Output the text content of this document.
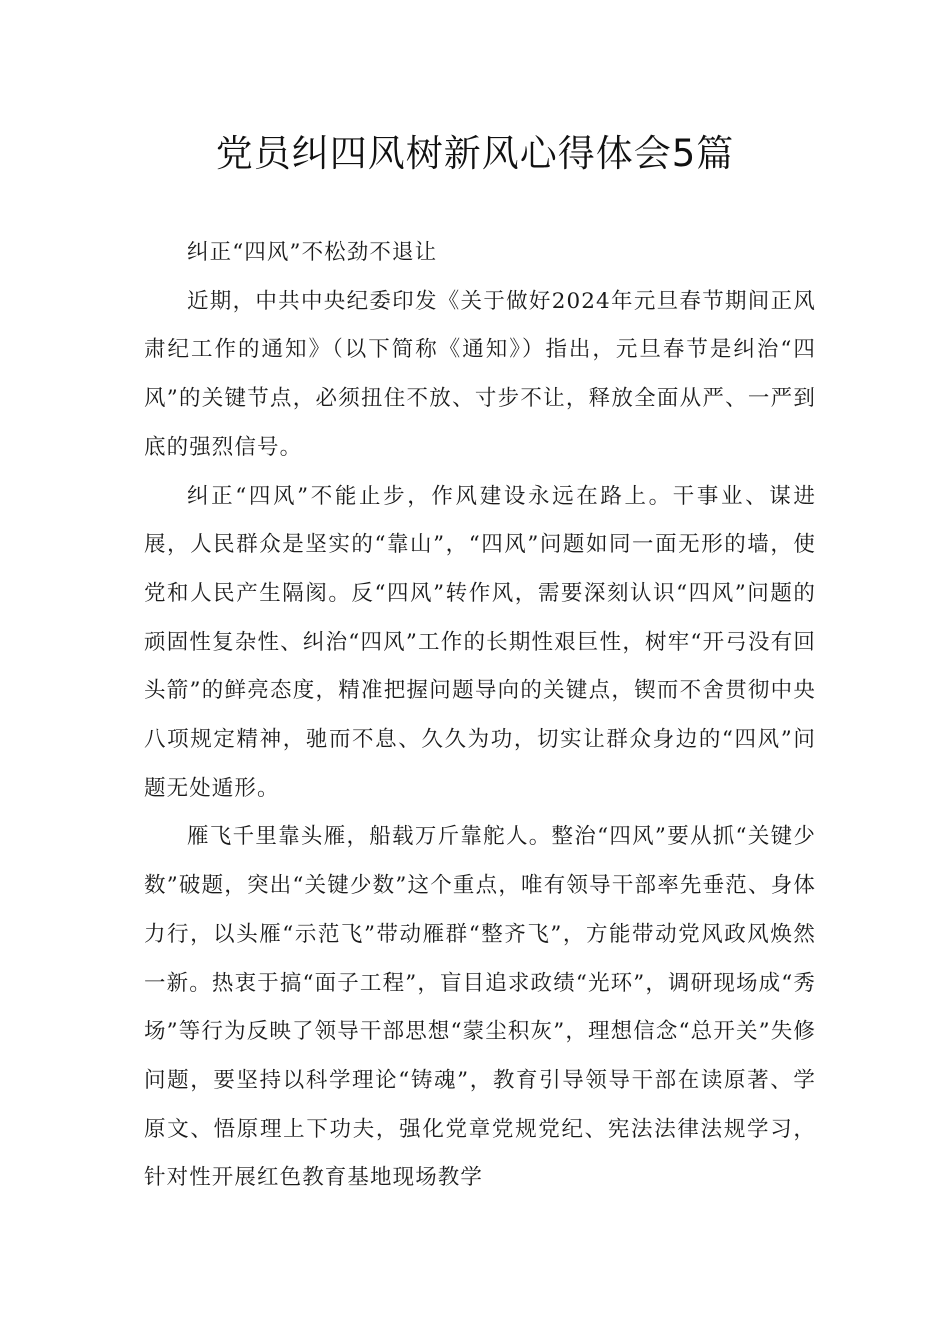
党员纠四风树新风心得体会5篇

纠正“四风”不松劲不退让

近期，中共中央纪委印发《关于做好2024年元旦春节期间正风肃纪工作的通知》（以下简称《通知》）指出，元旦春节是纠治“四风”的关键节点，必须扭住不放、寸步不让，释放全面从严、一严到底的强烈信号。

纠正“四风”不能止步，作风建设永远在路上。干事业、谋进展，人民群众是坚实的“靠山”，“四风”问题如同一面无形的墙，使党和人民产生隔阂。反“四风”转作风，需要深刻认识“四风”问题的顽固性复杂性、纠治“四风”工作的长期性艰巨性，树牢“开弓没有回头箭”的鲜亮态度，精准把握问题导向的关键点，锲而不舍贯彻中央八项规定精神，驰而不息、久久为功，切实让群众身边的“四风”问题无处遁形。

雁飞千里靠头雁，船载万斤靠舵人。整治“四风”要从抓“关键少数”破题，突出“关键少数”这个重点，唯有领导干部率先垂范、身体力行，以头雁“示范飞”带动雁群“整齐飞”，方能带动党风政风焕然一新。热衷于搞“面子工程”，盲目追求政绩“光环”，调研现场成“秀场”等行为反映了领导干部思想“蒙尘积灰”，理想信念“总开关”失修问题，要坚持以科学理论“铸魂”，教育引导领导干部在读原著、学原文、悟原理上下功夫，强化党章党规党纪、宪法法律法规学习，针对性开展红色教育基地现场教学
